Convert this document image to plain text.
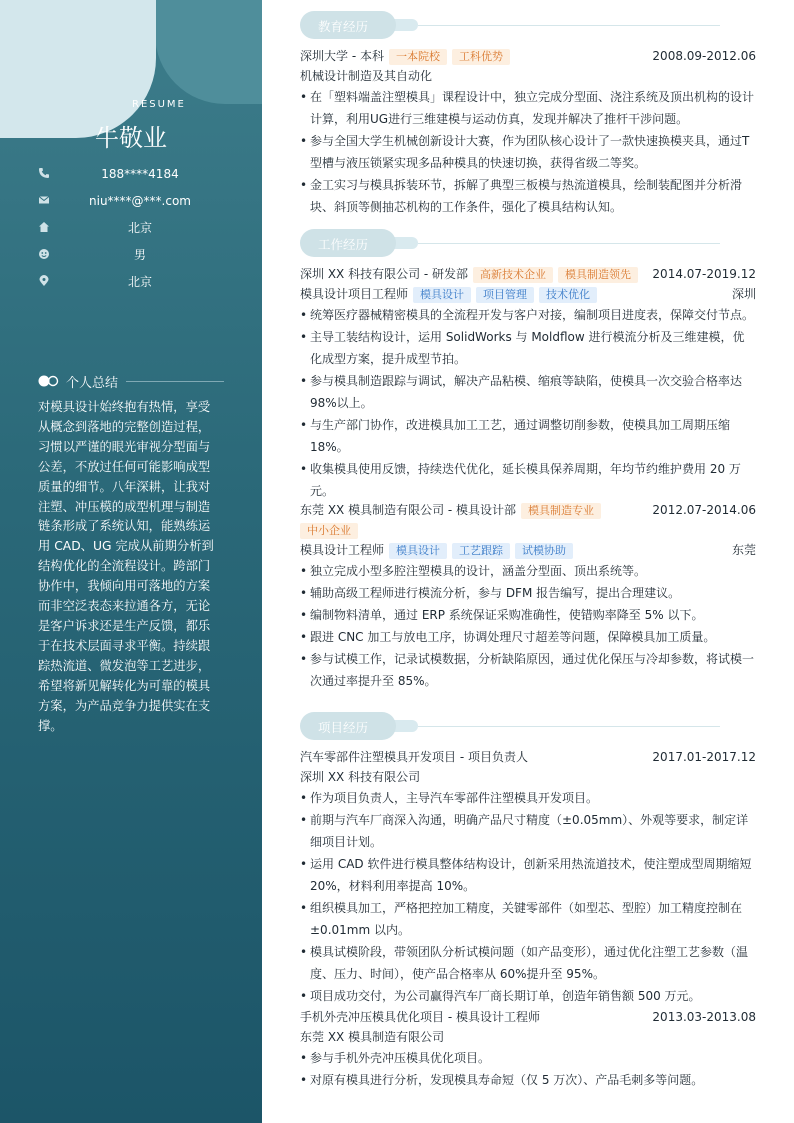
RESUME
牛敬业
188****4184
niu****@***.com
北京
男
北京
个人总结
对模具设计始终抱有热情，享受从概念到落地的完整创造过程，习惯以严谨的眼光审视分型面与公差，不放过任何可能影响成型质量的细节。八年深耕，让我对注塑、冲压模的成型机理与制造链条形成了系统认知，能熟练运用 CAD、UG 完成从前期分析到结构优化的全流程设计。跨部门协作中，我倾向用可落地的方案而非空泛表态来拉通各方，无论是客户诉求还是生产反馈，都乐于在技术层面寻求平衡。持续跟踪热流道、微发泡等工艺进步，希望将新见解转化为可靠的模具方案，为产品竞争力提供实在支撑。
教育经历
深圳大学 - 本科 一本院校 工科优势	2008.09-2012.06
机械设计制造及其自动化
• 在「塑料端盖注塑模具」课程设计中，独立完成分型面、浇注系统及顶出机构的设计计算，利用UG进行三维建模与运动仿真，发现并解决了推杆干涉问题。
• 参与全国大学生机械创新设计大赛，作为团队核心设计了一款快速换模夹具，通过T型槽与液压锁紧实现多品种模具的快速切换，获得省级二等奖。
• 金工实习与模具拆装环节，拆解了典型三板模与热流道模具，绘制装配图并分析滑块、斜顶等侧抽芯机构的工作条件，强化了模具结构认知。
工作经历
深圳 XX 科技有限公司 - 研发部 高新技术企业 模具制造领先	2014.07-2019.12
模具设计项目工程师 模具设计 项目管理 技术优化	深圳
• 统筹医疗器械精密模具的全流程开发与客户对接，编制项目进度表，保障交付节点。
• 主导工装结构设计，运用 SolidWorks 与 Moldflow 进行模流分析及三维建模，优化成型方案，提升成型节拍。
• 参与模具制造跟踪与调试，解决产品粘模、缩痕等缺陷，使模具一次交验合格率达98%以上。
• 与生产部门协作，改进模具加工工艺，通过调整切削参数，使模具加工周期压缩18%。
• 收集模具使用反馈，持续迭代优化，延长模具保养周期，年均节约维护费用 20 万元。
东莞 XX 模具制造有限公司 - 模具设计部 模具制造专业	2012.07-2014.06
中小企业
模具设计工程师 模具设计 工艺跟踪 试模协助	东莞
• 独立完成小型多腔注塑模具的设计，涵盖分型面、顶出系统等。
• 辅助高级工程师进行模流分析，参与 DFM 报告编写，提出合理建议。
• 编制物料清单，通过 ERP 系统保证采购准确性，使错购率降至 5% 以下。
• 跟进 CNC 加工与放电工序，协调处理尺寸超差等问题，保障模具加工质量。
• 参与试模工作，记录试模数据，分析缺陷原因，通过优化保压与冷却参数，将试模一次通过率提升至 85%。
项目经历
汽车零部件注塑模具开发项目 - 项目负责人	2017.01-2017.12
深圳 XX 科技有限公司
• 作为项目负责人，主导汽车零部件注塑模具开发项目。
• 前期与汽车厂商深入沟通，明确产品尺寸精度（±0.05mm）、外观等要求，制定详细项目计划。
• 运用 CAD 软件进行模具整体结构设计，创新采用热流道技术，使注塑成型周期缩短 20%，材料利用率提高 10%。
• 组织模具加工，严格把控加工精度，关键零部件（如型芯、型腔）加工精度控制在±0.01mm 以内。
• 模具试模阶段，带领团队分析试模问题（如产品变形），通过优化注塑工艺参数（温度、压力、时间），使产品合格率从 60%提升至 95%。
• 项目成功交付，为公司赢得汽车厂商长期订单，创造年销售额 500 万元。
手机外壳冲压模具优化项目 - 模具设计工程师	2013.03-2013.08
东莞 XX 模具制造有限公司
• 参与手机外壳冲压模具优化项目。
• 对原有模具进行分析，发现模具寿命短（仅 5 万次）、产品毛刺多等问题。
